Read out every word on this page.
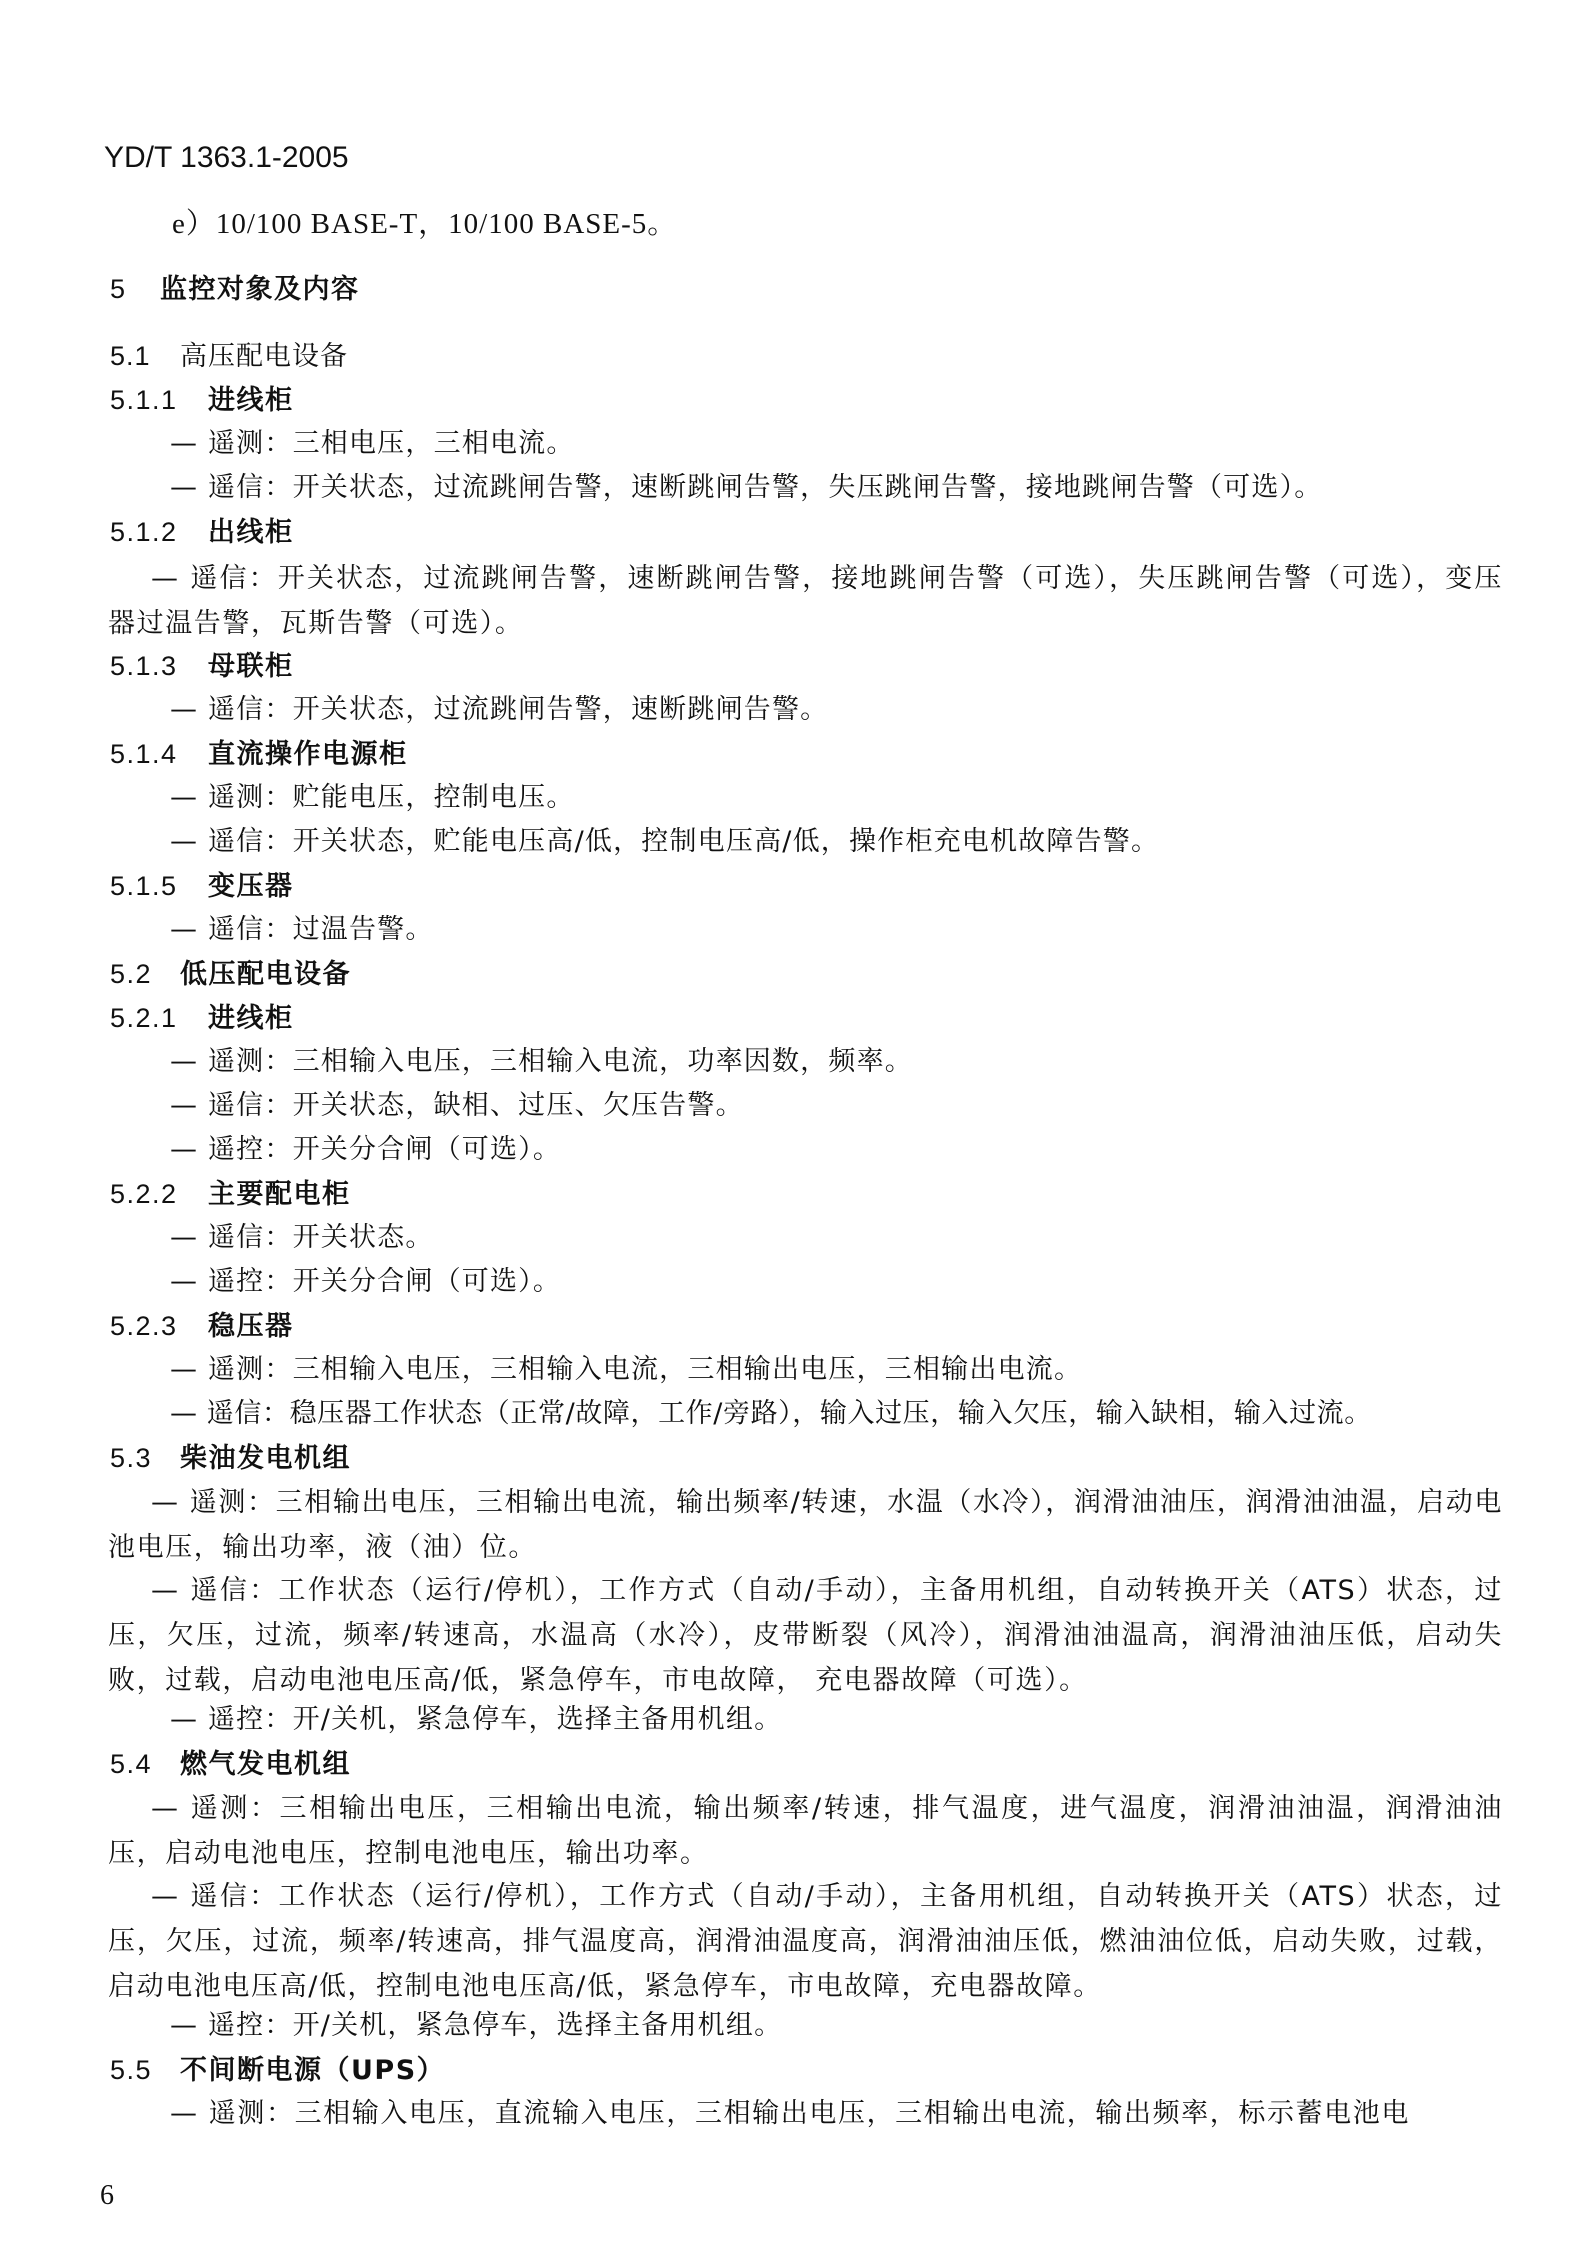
YD/T 1363.1-2005
e）10/100 BASE-T，10/100 BASE-5。
5 监控对象及内容
5.1 高压配电设备
5.1.1 进线柜
— 遥测：三相电压，三相电流。
— 遥信：开关状态，过流跳闸告警，速断跳闸告警，失压跳闸告警，接地跳闸告警（可选）。
5.1.2 出线柜
— 遥信：开关状态，过流跳闸告警，速断跳闸告警，接地跳闸告警（可选），失压跳闸告警（可选），变压器过温告警，瓦斯告警（可选）。
5.1.3 母联柜
— 遥信：开关状态，过流跳闸告警，速断跳闸告警。
5.1.4 直流操作电源柜
— 遥测：贮能电压，控制电压。
— 遥信：开关状态，贮能电压高/低，控制电压高/低，操作柜充电机故障告警。
5.1.5 变压器
— 遥信：过温告警。
5.2 低压配电设备
5.2.1 进线柜
— 遥测：三相输入电压，三相输入电流，功率因数，频率。
— 遥信：开关状态，缺相、过压、欠压告警。
— 遥控：开关分合闸（可选）。
5.2.2 主要配电柜
— 遥信：开关状态。
— 遥控：开关分合闸（可选）。
5.2.3 稳压器
— 遥测：三相输入电压，三相输入电流，三相输出电压，三相输出电流。
— 遥信：稳压器工作状态（正常/故障，工作/旁路），输入过压，输入欠压，输入缺相，输入过流。
5.3 柴油发电机组
— 遥测：三相输出电压，三相输出电流，输出频率/转速，水温（水冷），润滑油油压，润滑油油温，启动电池电压，输出功率，液（油）位。
— 遥信：工作状态（运行/停机），工作方式（自动/手动），主备用机组，自动转换开关（ATS）状态，过压，欠压，过流，频率/转速高，水温高（水冷），皮带断裂（风冷），润滑油油温高，润滑油油压低，启动失败，过载，启动电池电压高/低，紧急停车，市电故障， 充电器故障（可选）。
— 遥控：开/关机，紧急停车，选择主备用机组。
5.4 燃气发电机组
— 遥测：三相输出电压，三相输出电流，输出频率/转速，排气温度，进气温度，润滑油油温，润滑油油压，启动电池电压，控制电池电压，输出功率。
— 遥信：工作状态（运行/停机），工作方式（自动/手动），主备用机组，自动转换开关（ATS）状态，过压，欠压，过流，频率/转速高，排气温度高，润滑油温度高，润滑油油压低，燃油油位低，启动失败，过载，启动电池电压高/低，控制电池电压高/低，紧急停车，市电故障，充电器故障。
— 遥控：开/关机，紧急停车，选择主备用机组。
5.5 不间断电源（UPS）
— 遥测：三相输入电压，直流输入电压，三相输出电压，三相输出电流，输出频率，标示蓄电池电
6
